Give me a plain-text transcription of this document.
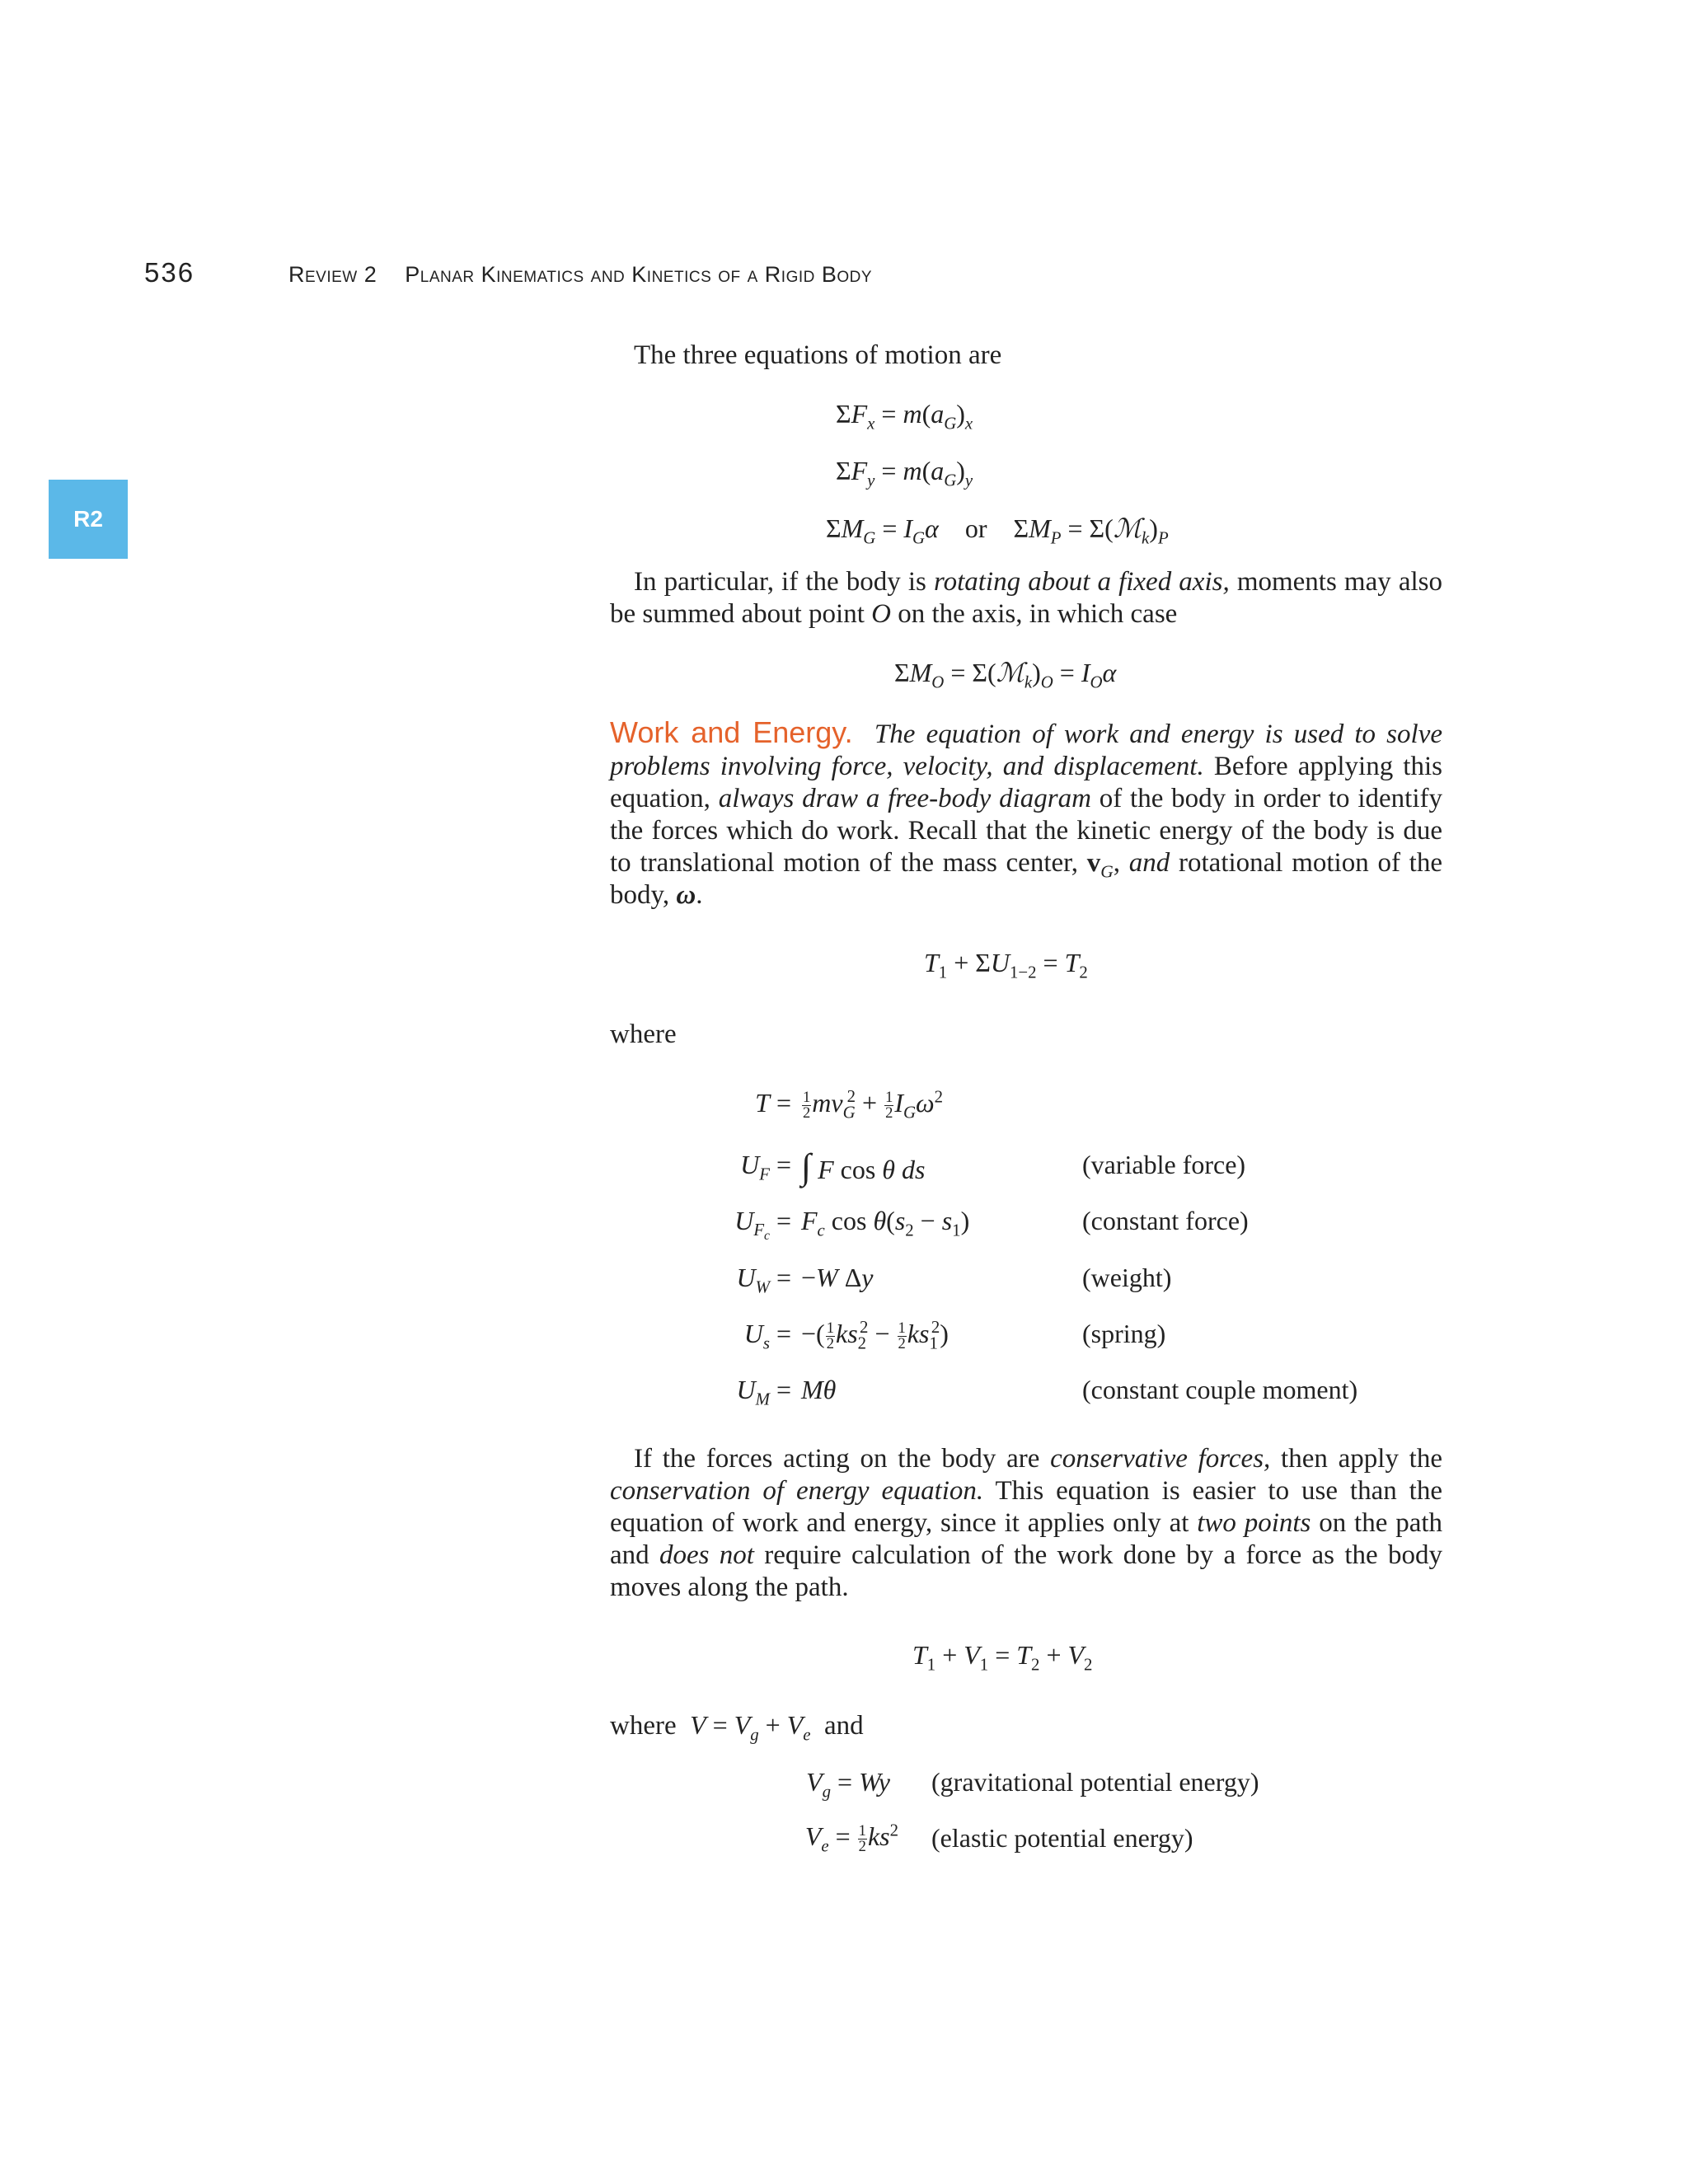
536	Review 2 Planar Kinematics and Kinetics of a Rigid Body
R2
The three equations of motion are
$\Sigma F_x = m(a_G)_x$
$\Sigma F_y = m(a_G)_y$
$\Sigma M_G = I_G\alpha$ or    $\Sigma M_P$ = $\Sigma(ℳ_k)_P$

In particular, if the body is rotating about a fixed axis, moments may also be summed about point O on the axis, in which case

$\Sigma M_O$ = $\Sigma(ℳ_k)_O = I_O\alpha$

Work and Energy. The equation of work and energy is used to solve problems involving force, velocity, and displacement. Before applying this equation, always draw a free-body diagram of the body in order to identify the forces which do work. Recall that the kinetic energy of the body is due to translational motion of the mass center, $v_G$, and rotational motion of the body, ω.

$T_1 + \Sigma U_{1-2} = T_2$
where
$T = \frac{1}{2} mv_G^2 + \frac{1}{2} I_G\omega^2$
$U_F$ = ∫ F cos θ ds	(variable force)
$U_{F_c} = F_c$ $\cos \theta(s_2 - s_1)$	(constant force)
$U_W = -W$ Δy	(weight)
$U_s$ = −( $\frac{1}{2} ks_2^2 - \frac{1}{2} ks_1^2$)	(spring)
$U_M = M\theta$	(constant couple moment)

If the forces acting on the body are conservative forces, then apply the conservation of energy equation. This equation is easier to use than the equation of work and energy, since it applies only at two points on the path and does not require calculation of the work done by a force as the body moves along the path.

$T_1 + V_1 = T_2 + V_2$
where $V = V_g + V_e$ and
$V_g = Wy$ (gravitational potential energy)
$V_e = \frac{1}{2} ks^2$ (elastic potential energy)
